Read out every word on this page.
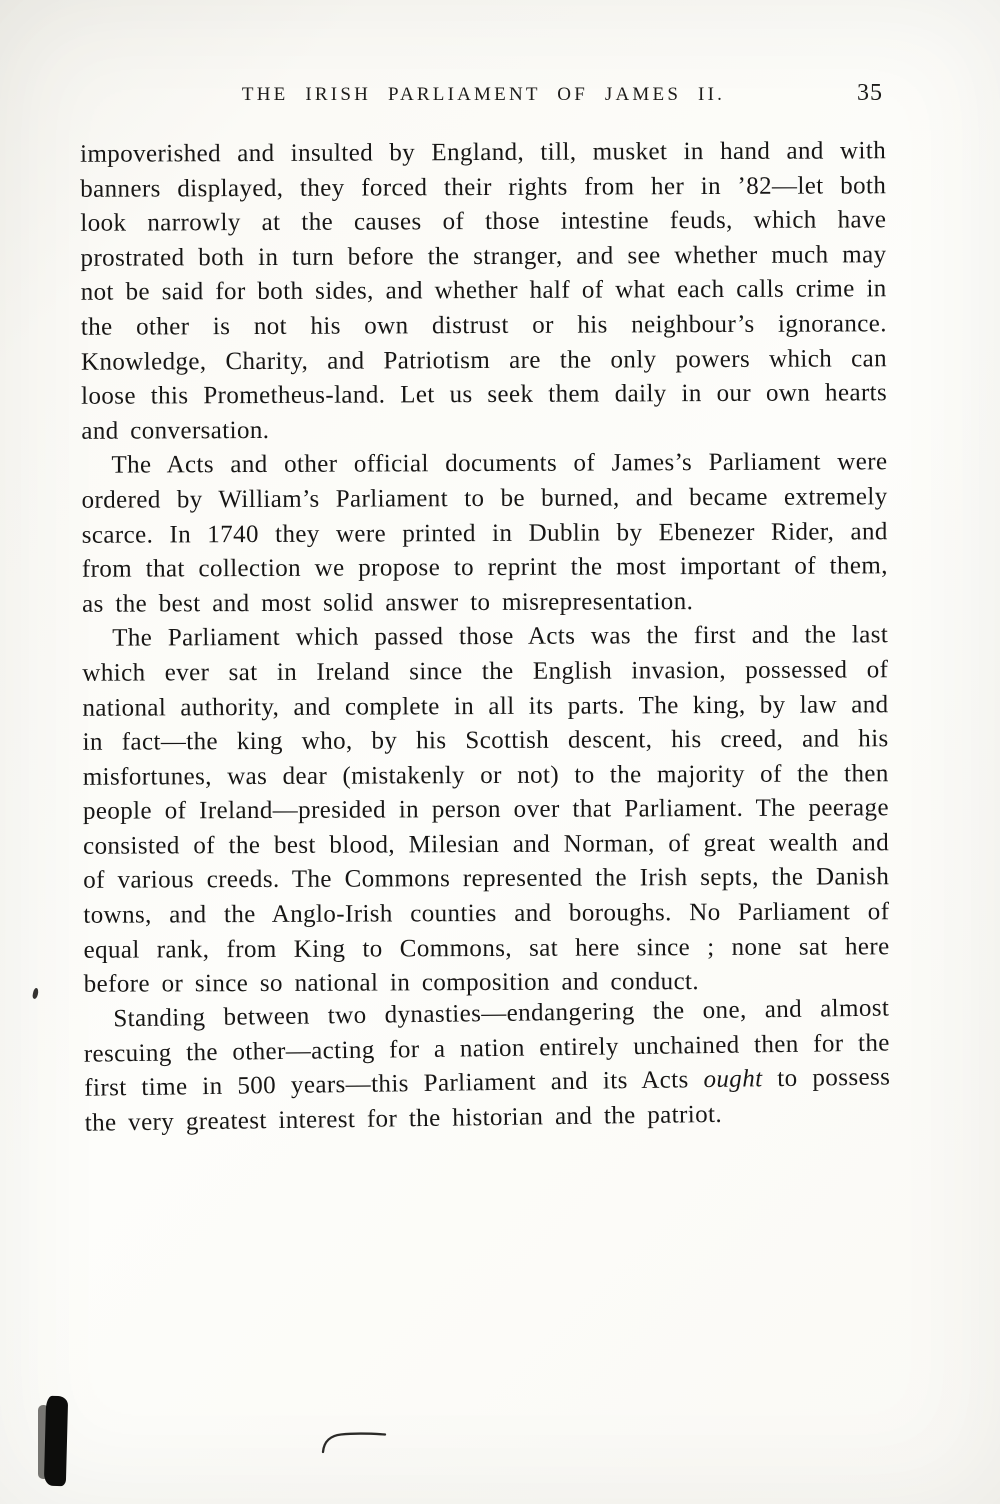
THE IRISH PARLIAMENT OF JAMES II.	35

impoverished and insulted by England, till, musket in hand and with banners displayed, they forced their rights from her in ’82—let both look narrowly at the causes of those intestine feuds, which have prostrated both in turn before the stranger, and see whether much may not be said for both sides, and whether half of what each calls crime in the other is not his own distrust or his neighbour’s ignorance. Knowledge, Charity, and Patriotism are the only powers which can loose this Prometheus-land. Let us seek them daily in our own hearts and conversation.

The Acts and other official documents of James’s Parliament were ordered by William’s Parliament to be burned, and became extremely scarce. In 1740 they were printed in Dublin by Ebenezer Rider, and from that collection we propose to reprint the most important of them, as the best and most solid answer to misrepresentation.

The Parliament which passed those Acts was the first and the last which ever sat in Ireland since the English invasion, possessed of national authority, and complete in all its parts. The king, by law and in fact—the king who, by his Scottish descent, his creed, and his misfortunes, was dear (mistakenly or not) to the majority of the then people of Ireland—presided in person over that Parliament. The peerage consisted of the best blood, Milesian and Norman, of great wealth and of various creeds. The Commons represented the Irish septs, the Danish towns, and the Anglo-Irish counties and boroughs. No Parliament of equal rank, from King to Commons, sat here since ; none sat here before or since so national in composition and conduct.

Standing between two dynasties—endangering the one, and almost rescuing the other—acting for a nation entirely unchained then for the first time in 500 years—this Parliament and its Acts ought to possess the very greatest interest for the historian and the patriot.
